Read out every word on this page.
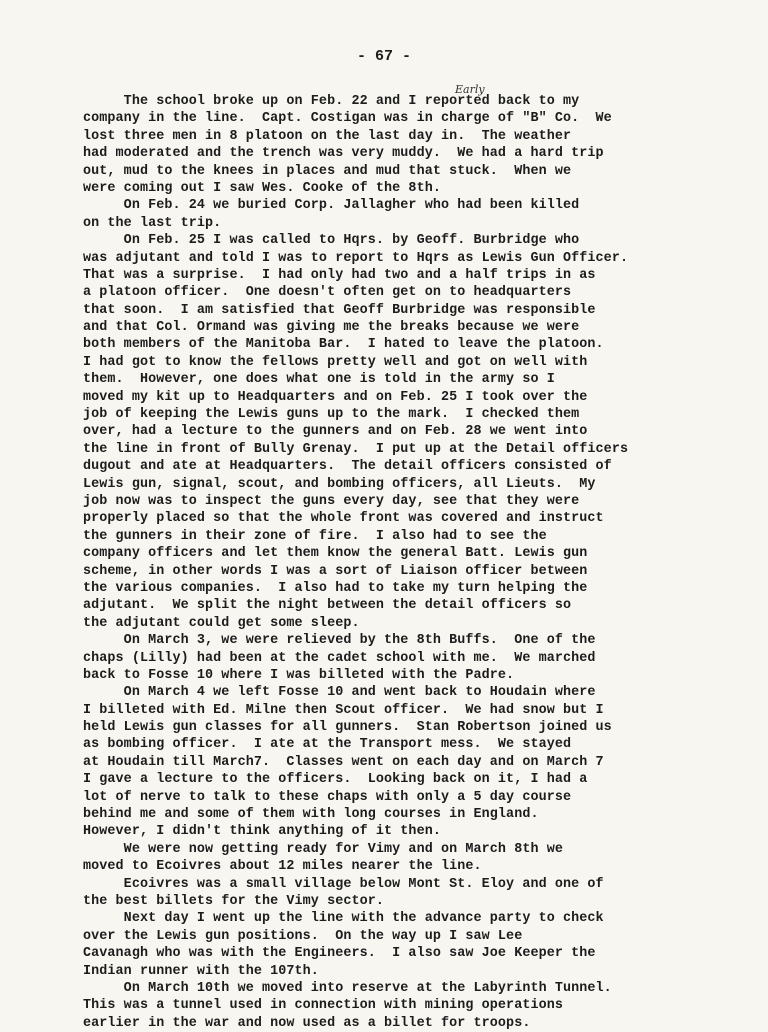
- 67 -
Early
The school broke up on Feb. 22 and I reported back to my
company in the line.  Capt. Costigan was in charge of "B" Co.  We
lost three men in 8 platoon on the last day in.  The weather
had moderated and the trench was very muddy.  We had a hard trip
out, mud to the knees in places and mud that stuck.  When we
were coming out I saw Wes. Cooke of the 8th.
On Feb. 24 we buried Corp. Jallagher who had been killed
on the last trip.
On Feb. 25 I was called to Hqrs. by Geoff. Burbridge who
was adjutant and told I was to report to Hqrs as Lewis Gun Officer.
That was a surprise.  I had only had two and a half trips in as
a platoon officer.  One doesn't often get on to headquarters
that soon.  I am satisfied that Geoff Burbridge was responsible
and that Col. Ormand was giving me the breaks because we were
both members of the Manitoba Bar.  I hated to leave the platoon.
I had got to know the fellows pretty well and got on well with
them.  However, one does what one is told in the army so I
moved my kit up to Headquarters and on Feb. 25 I took over the
job of keeping the Lewis guns up to the mark.  I checked them
over, had a lecture to the gunners and on Feb. 28 we went into
the line in front of Bully Grenay.  I put up at the Detail officers
dugout and ate at Headquarters.  The detail officers consisted of
Lewis gun, signal, scout, and bombing officers, all Lieuts.  My
job now was to inspect the guns every day, see that they were
properly placed so that the whole front was covered and instruct
the gunners in their zone of fire.  I also had to see the
company officers and let them know the general Batt. Lewis gun
scheme, in other words I was a sort of Liaison officer between
the various companies.  I also had to take my turn helping the
adjutant.  We split the night between the detail officers so
the adjutant could get some sleep.
On March 3, we were relieved by the 8th Buffs.  One of the
chaps (Lilly) had been at the cadet school with me.  We marched
back to Fosse 10 where I was billeted with the Padre.
On March 4 we left Fosse 10 and went back to Houdain where
I billeted with Ed. Milne then Scout officer.  We had snow but I
held Lewis gun classes for all gunners.  Stan Robertson joined us
as bombing officer.  I ate at the Transport mess.  We stayed
at Houdain till March7.  Classes went on each day and on March 7
I gave a lecture to the officers.  Looking back on it, I had a
lot of nerve to talk to these chaps with only a 5 day course
behind me and some of them with long courses in England.
However, I didn't think anything of it then.
We were now getting ready for Vimy and on March 8th we
moved to Ecoivres about 12 miles nearer the line.
Ecoivres was a small village below Mont St. Eloy and one of
the best billets for the Vimy sector.
Next day I went up the line with the advance party to check
over the Lewis gun positions.  On the way up I saw Lee
Cavanagh who was with the Engineers.  I also saw Joe Keeper the
Indian runner with the 107th.
On March 10th we moved into reserve at the Labyrinth Tunnel.
This was a tunnel used in connection with mining operations
earlier in the war and now used as a billet for troops.
